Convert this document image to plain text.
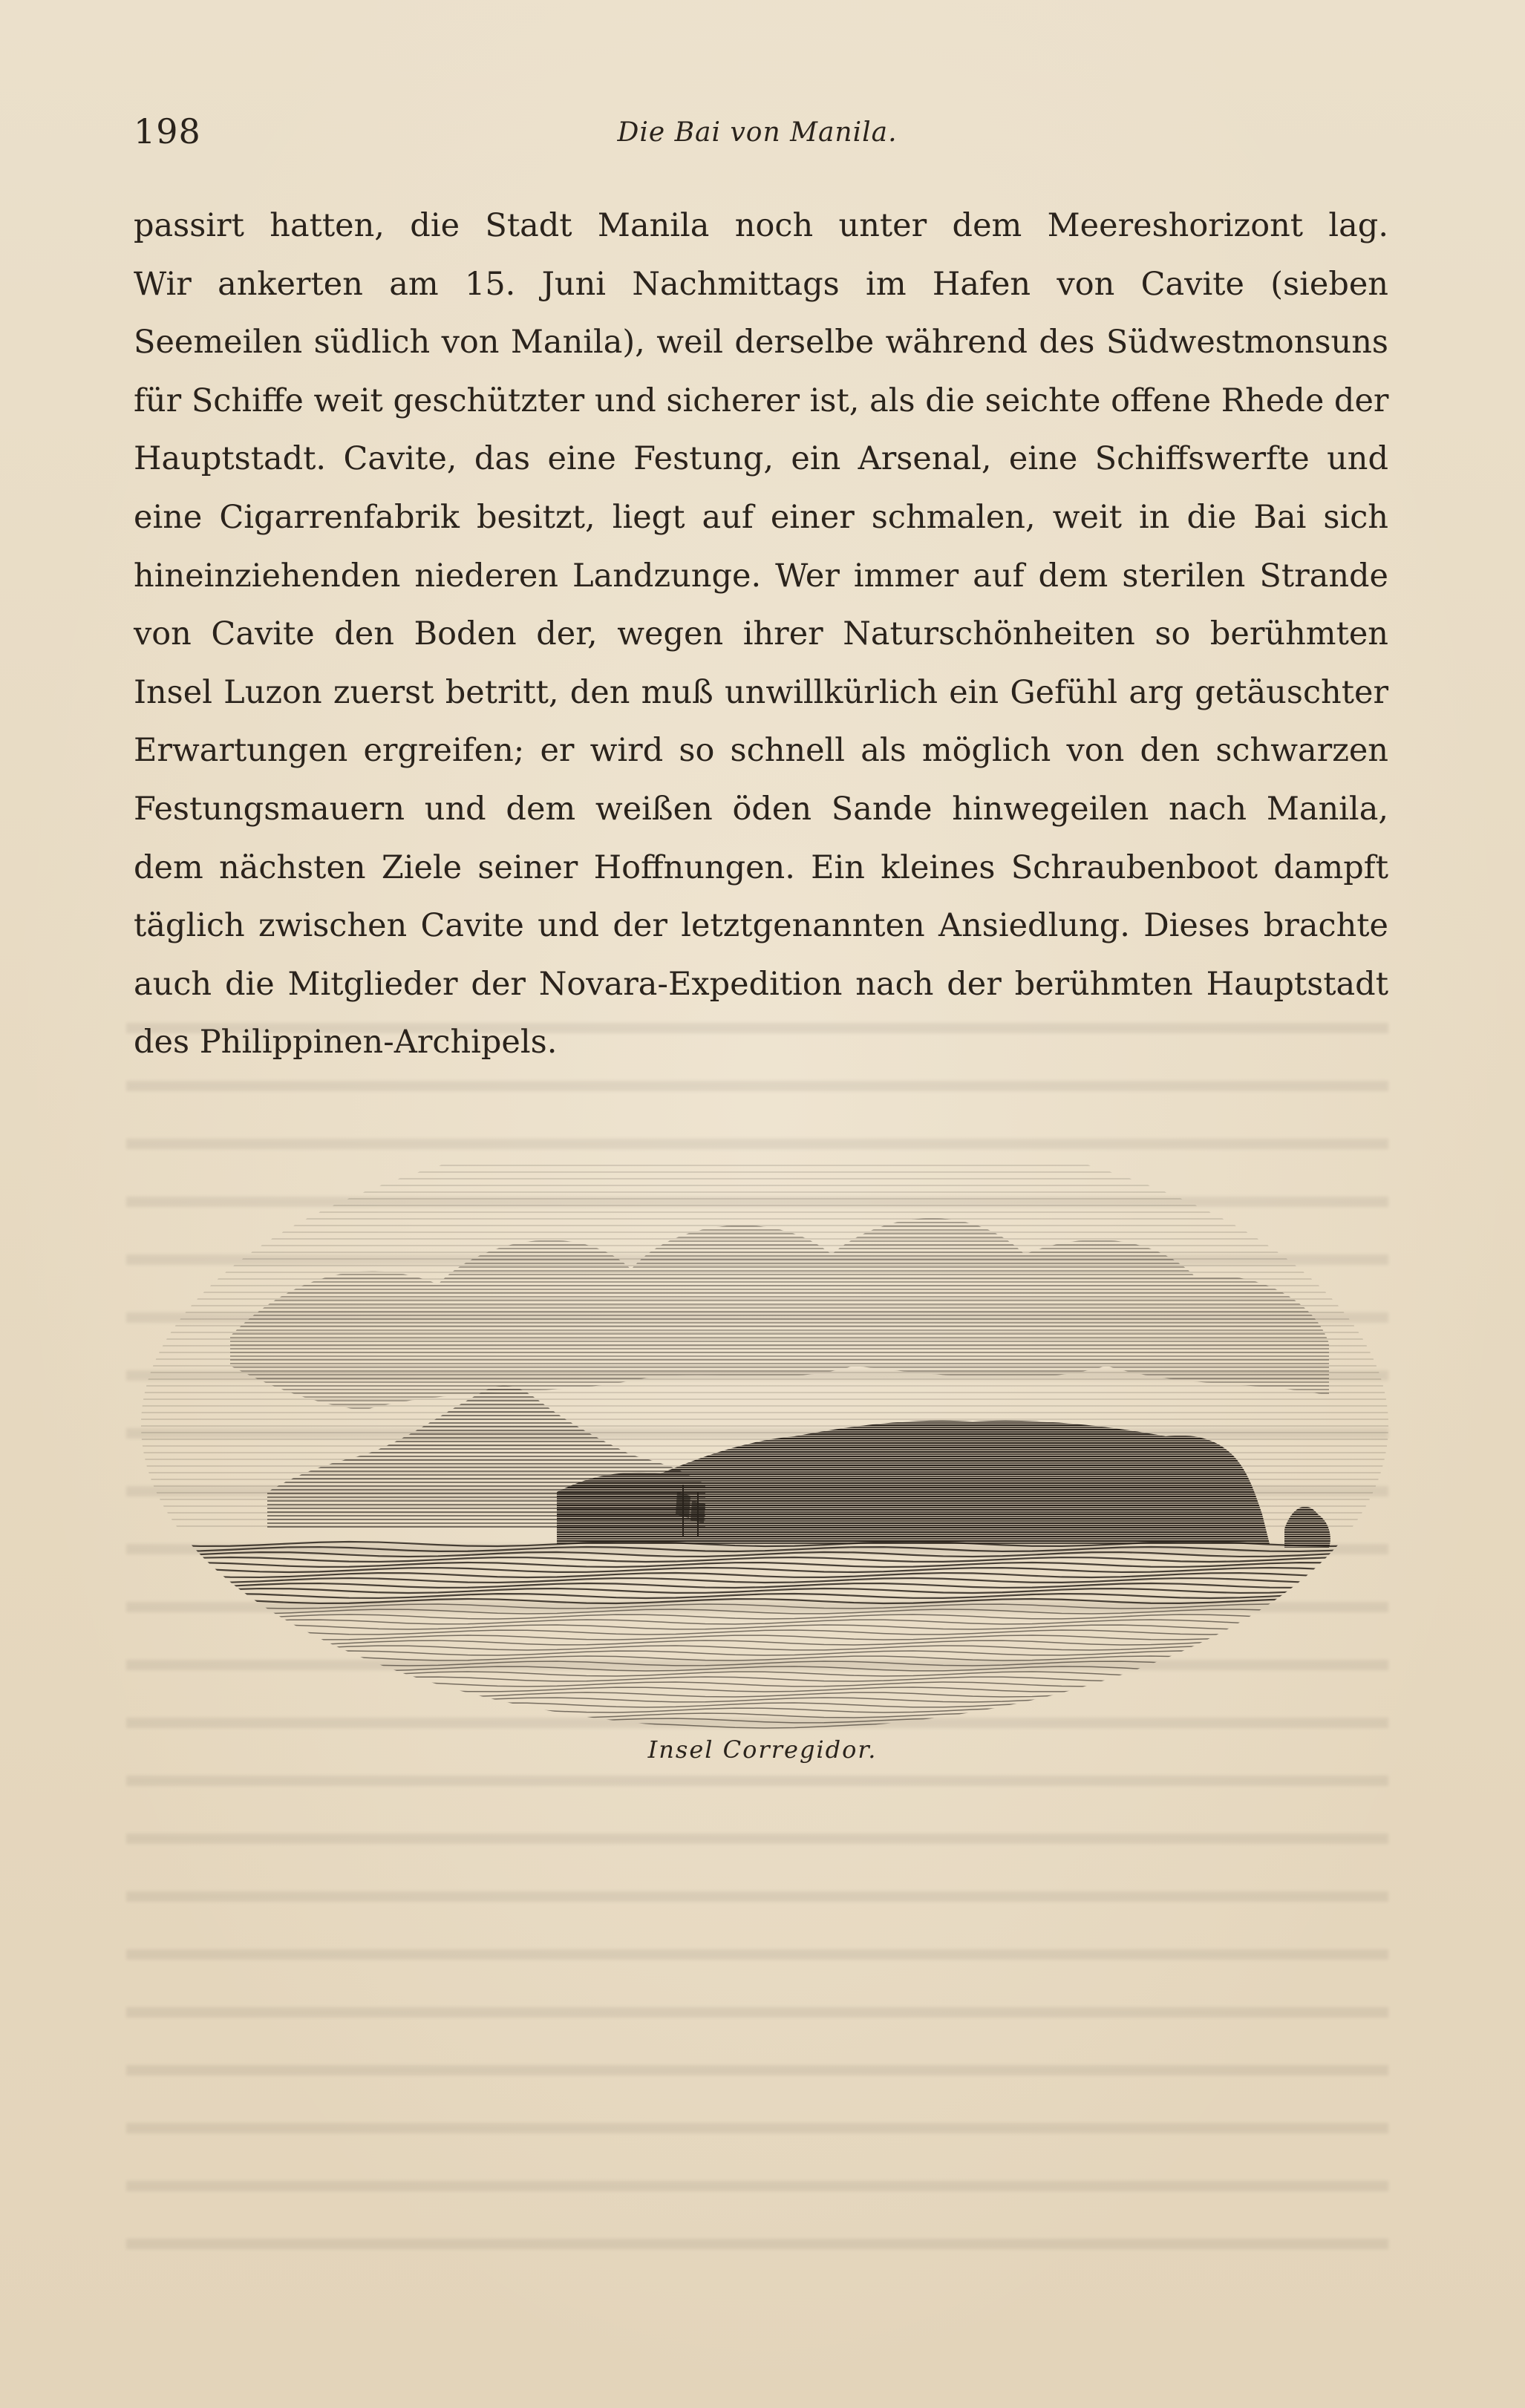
198	Die Bai von Manila.
passirt hatten, die Stadt Manila noch unter dem Meereshorizont lag.
Wir ankerten am 15. Juni Nachmittags im Hafen von Cavite (sieben
Seemeilen südlich von Manila), weil derselbe während des Südwestmonsuns
für Schiffe weit geschützter und sicherer ist, als die seichte offene Rhede der
Hauptstadt. Cavite, das eine Festung, ein Arsenal, eine Schiffswerfte und
eine Cigarrenfabrik besitzt, liegt auf einer schmalen, weit in die Bai sich
hineinziehenden niederen Landzunge. Wer immer auf dem sterilen Strande
von Cavite den Boden der, wegen ihrer Naturschönheiten so berühmten
Insel Luzon zuerst betritt, den muß unwillkürlich ein Gefühl arg getäuschter
Erwartungen ergreifen; er wird so schnell als möglich von den schwarzen
Festungsmauern und dem weißen öden Sande hinwegeilen nach Manila,
dem nächsten Ziele seiner Hoffnungen. Ein kleines Schraubenboot dampft
täglich zwischen Cavite und der letztgenannten Ansiedlung. Dieses brachte
auch die Mitglieder der Novara-Expedition nach der berühmten Hauptstadt
des Philippinen-Archipels.
Insel Corregidor.
